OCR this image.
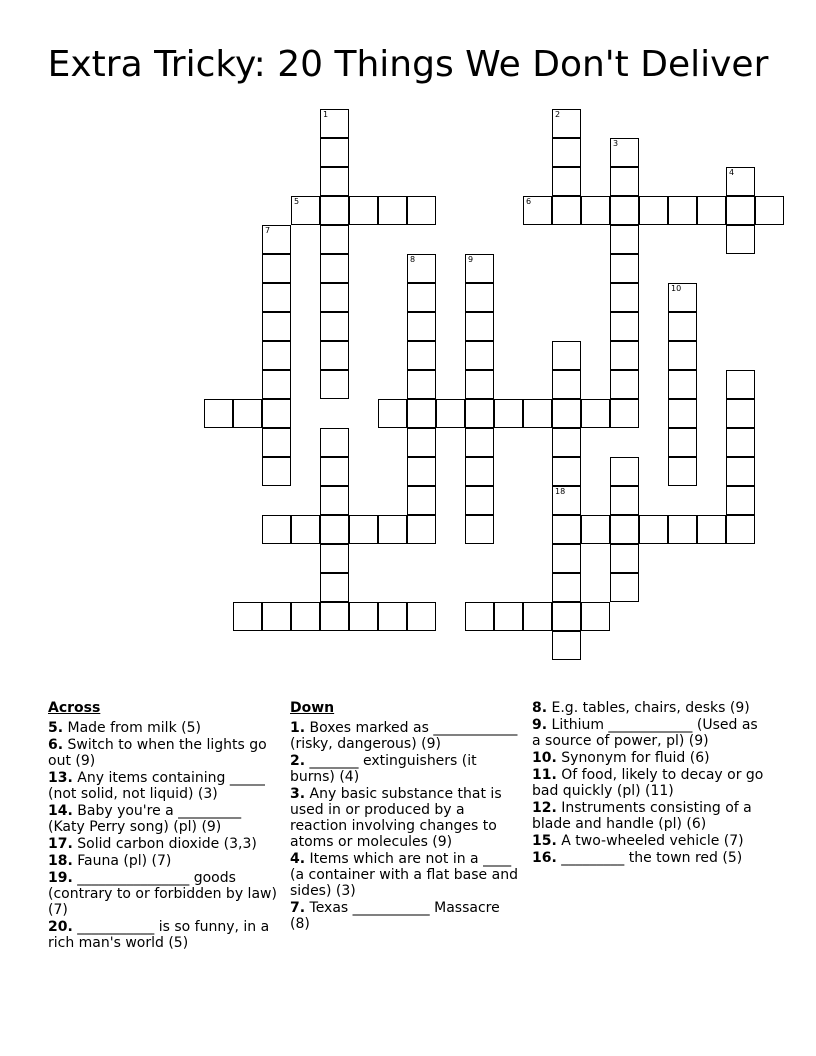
Extra Tricky: 20 Things We Don't Deliver
1	2
3
4
5	6
7
8	9
10
18
Across
5. Made from milk (5)
6. Switch to when the lights go out (9)
13. Any items containing _____ (not solid, not liquid) (3)
14. Baby you're a _________ (Katy Perry song) (pl) (9)
17. Solid carbon dioxide (3,3)
18. Fauna (pl) (7)
19. ________________ goods (contrary to or forbidden by law) (7)
20. ___________ is so funny, in a rich man's world (5)
Down
1. Boxes marked as ____________ (risky, dangerous) (9)
2. _______ extinguishers (it burns) (4)
3. Any basic substance that is used in or produced by a reaction involving changes to atoms or molecules (9)
4. Items which are not in a ____ (a container with a flat base and sides) (3)
7. Texas ___________ Massacre (8)
8. E.g. tables, chairs, desks (9)
9. Lithium ____________ (Used as a source of power, pl) (9)
10. Synonym for fluid (6)
11. Of food, likely to decay or go bad quickly (pl) (11)
12. Instruments consisting of a blade and handle (pl) (6)
15. A two-wheeled vehicle (7)
16. _________ the town red (5)
